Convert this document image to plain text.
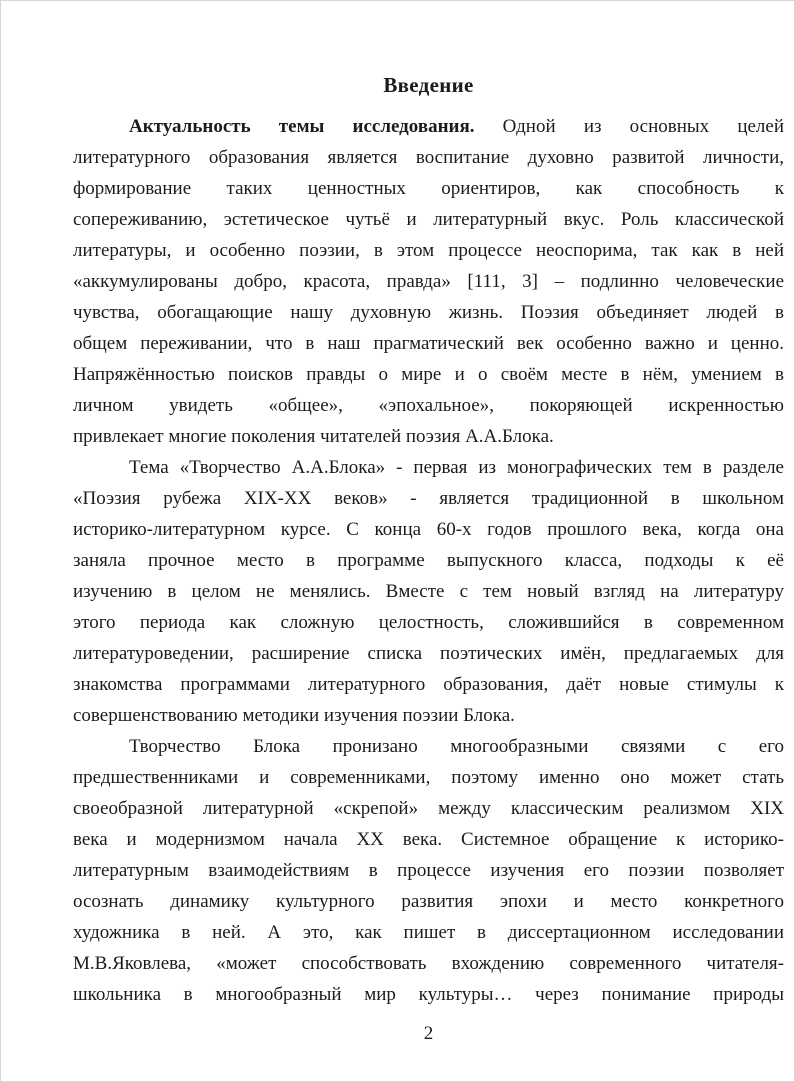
Введение
Актуальность темы исследования. Одной из основных целей
литературного образования является воспитание духовно развитой личности,
формирование таких ценностных ориентиров, как способность к
сопереживанию, эстетическое чутьё и литературный вкус. Роль классической
литературы, и особенно поэзии, в этом процессе неоспорима, так как в ней
«аккумулированы добро, красота, правда» [111, 3] – подлинно человеческие
чувства, обогащающие нашу духовную жизнь. Поэзия объединяет людей в
общем переживании, что в наш прагматический век особенно важно и ценно.
Напряжённостью поисков правды о мире и о своём месте в нём, умением в
личном увидеть «общее», «эпохальное», покоряющей искренностью
привлекает многие поколения читателей поэзия А.А.Блока.
Тема «Творчество А.А.Блока» - первая из монографических тем в разделе
«Поэзия рубежа XIX-XX веков» - является традиционной в школьном
историко-литературном курсе. С конца 60-х годов прошлого века, когда она
заняла прочное место в программе выпускного класса, подходы к её
изучению в целом не менялись. Вместе с тем новый взгляд на литературу
этого периода как сложную целостность, сложившийся в современном
литературоведении, расширение списка поэтических имён, предлагаемых для
знакомства программами литературного образования, даёт новые стимулы к
совершенствованию методики изучения поэзии Блока.
Творчество Блока пронизано многообразными связями с его
предшественниками и современниками, поэтому именно оно может стать
своеобразной литературной «скрепой» между классическим реализмом XIX
века и модернизмом начала XX века. Системное обращение к историко-
литературным взаимодействиям в процессе изучения его поэзии позволяет
осознать динамику культурного развития эпохи и место конкретного
художника в ней. А это, как пишет в диссертационном исследовании
М.В.Яковлева, «может способствовать вхождению современного читателя-
школьника в многообразный мир культуры… через понимание природы
2
